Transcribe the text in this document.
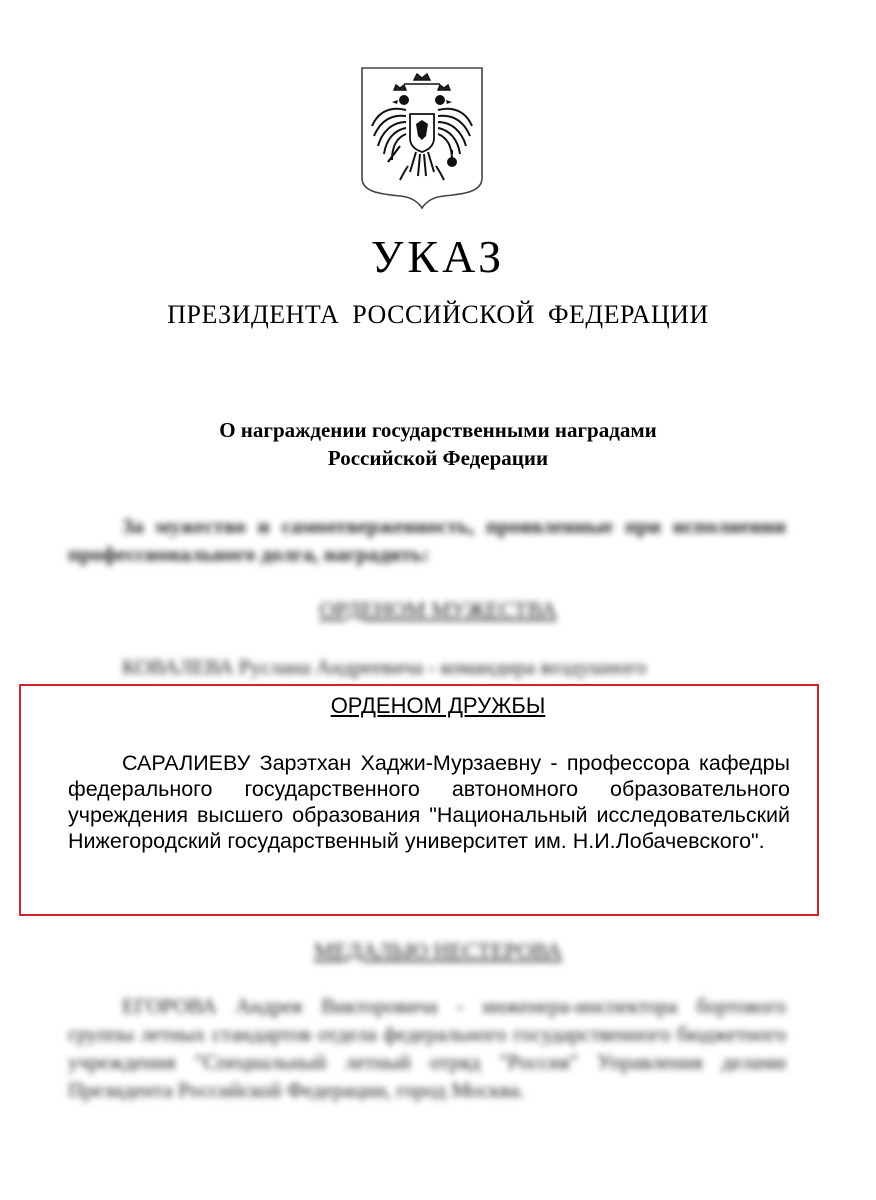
УКАЗ
ПРЕЗИДЕНТА РОССИЙСКОЙ ФЕДЕРАЦИИ
О награждении государственными наградами
Российской Федерации
За мужество и самоотверженность, проявленные при исполнении профессионального долга, наградить:
ОРДЕНОМ МУЖЕСТВА
КОВАЛЕВА Руслана Андреевича - командира воздушного
ОРДЕНОМ ДРУЖБЫ
САРАЛИЕВУ Зарэтхан Хаджи-Мурзаевну - профессора кафедры федерального государственного автономного образовательного учреждения высшего образования "Национальный исследовательский Нижегородский государственный университет им. Н.И.Лобачевского".
МЕДАЛЬЮ НЕСТЕРОВА
ЕГОРОВА Андрея Викторовича - инженера-инспектора бортового группы летных стандартов отдела федерального государственного бюджетного учреждения "Специальный летный отряд "Россия" Управления делами Президента Российской Федерации, город Москва.
